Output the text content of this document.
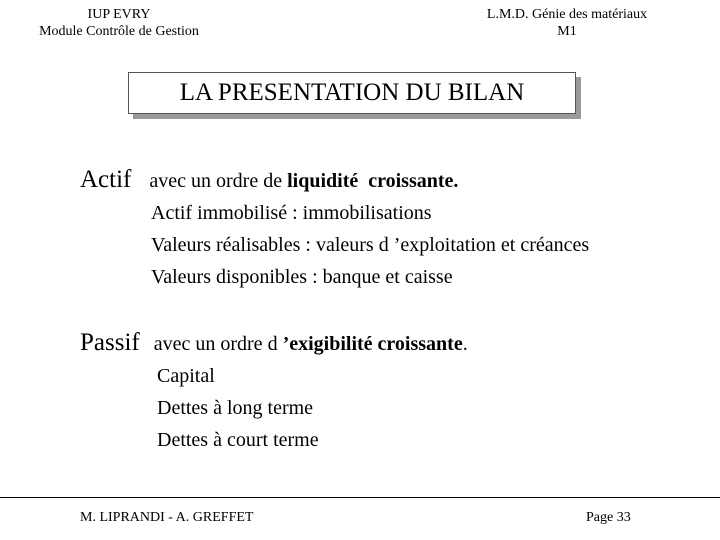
IUP EVRY
Module Contrôle de Gestion
L.M.D. Génie des matériaux
M1
LA PRESENTATION DU BILAN
Actif avec un ordre de liquidité croissante.
Actif immobilisé : immobilisations
Valeurs réalisables : valeurs d ’exploitation et créances
Valeurs disponibles : banque et caisse
Passif avec un ordre d ’exigibilité croissante.
Capital
Dettes à long terme
Dettes à court terme
M. LIPRANDI - A. GREFFET	Page 33
